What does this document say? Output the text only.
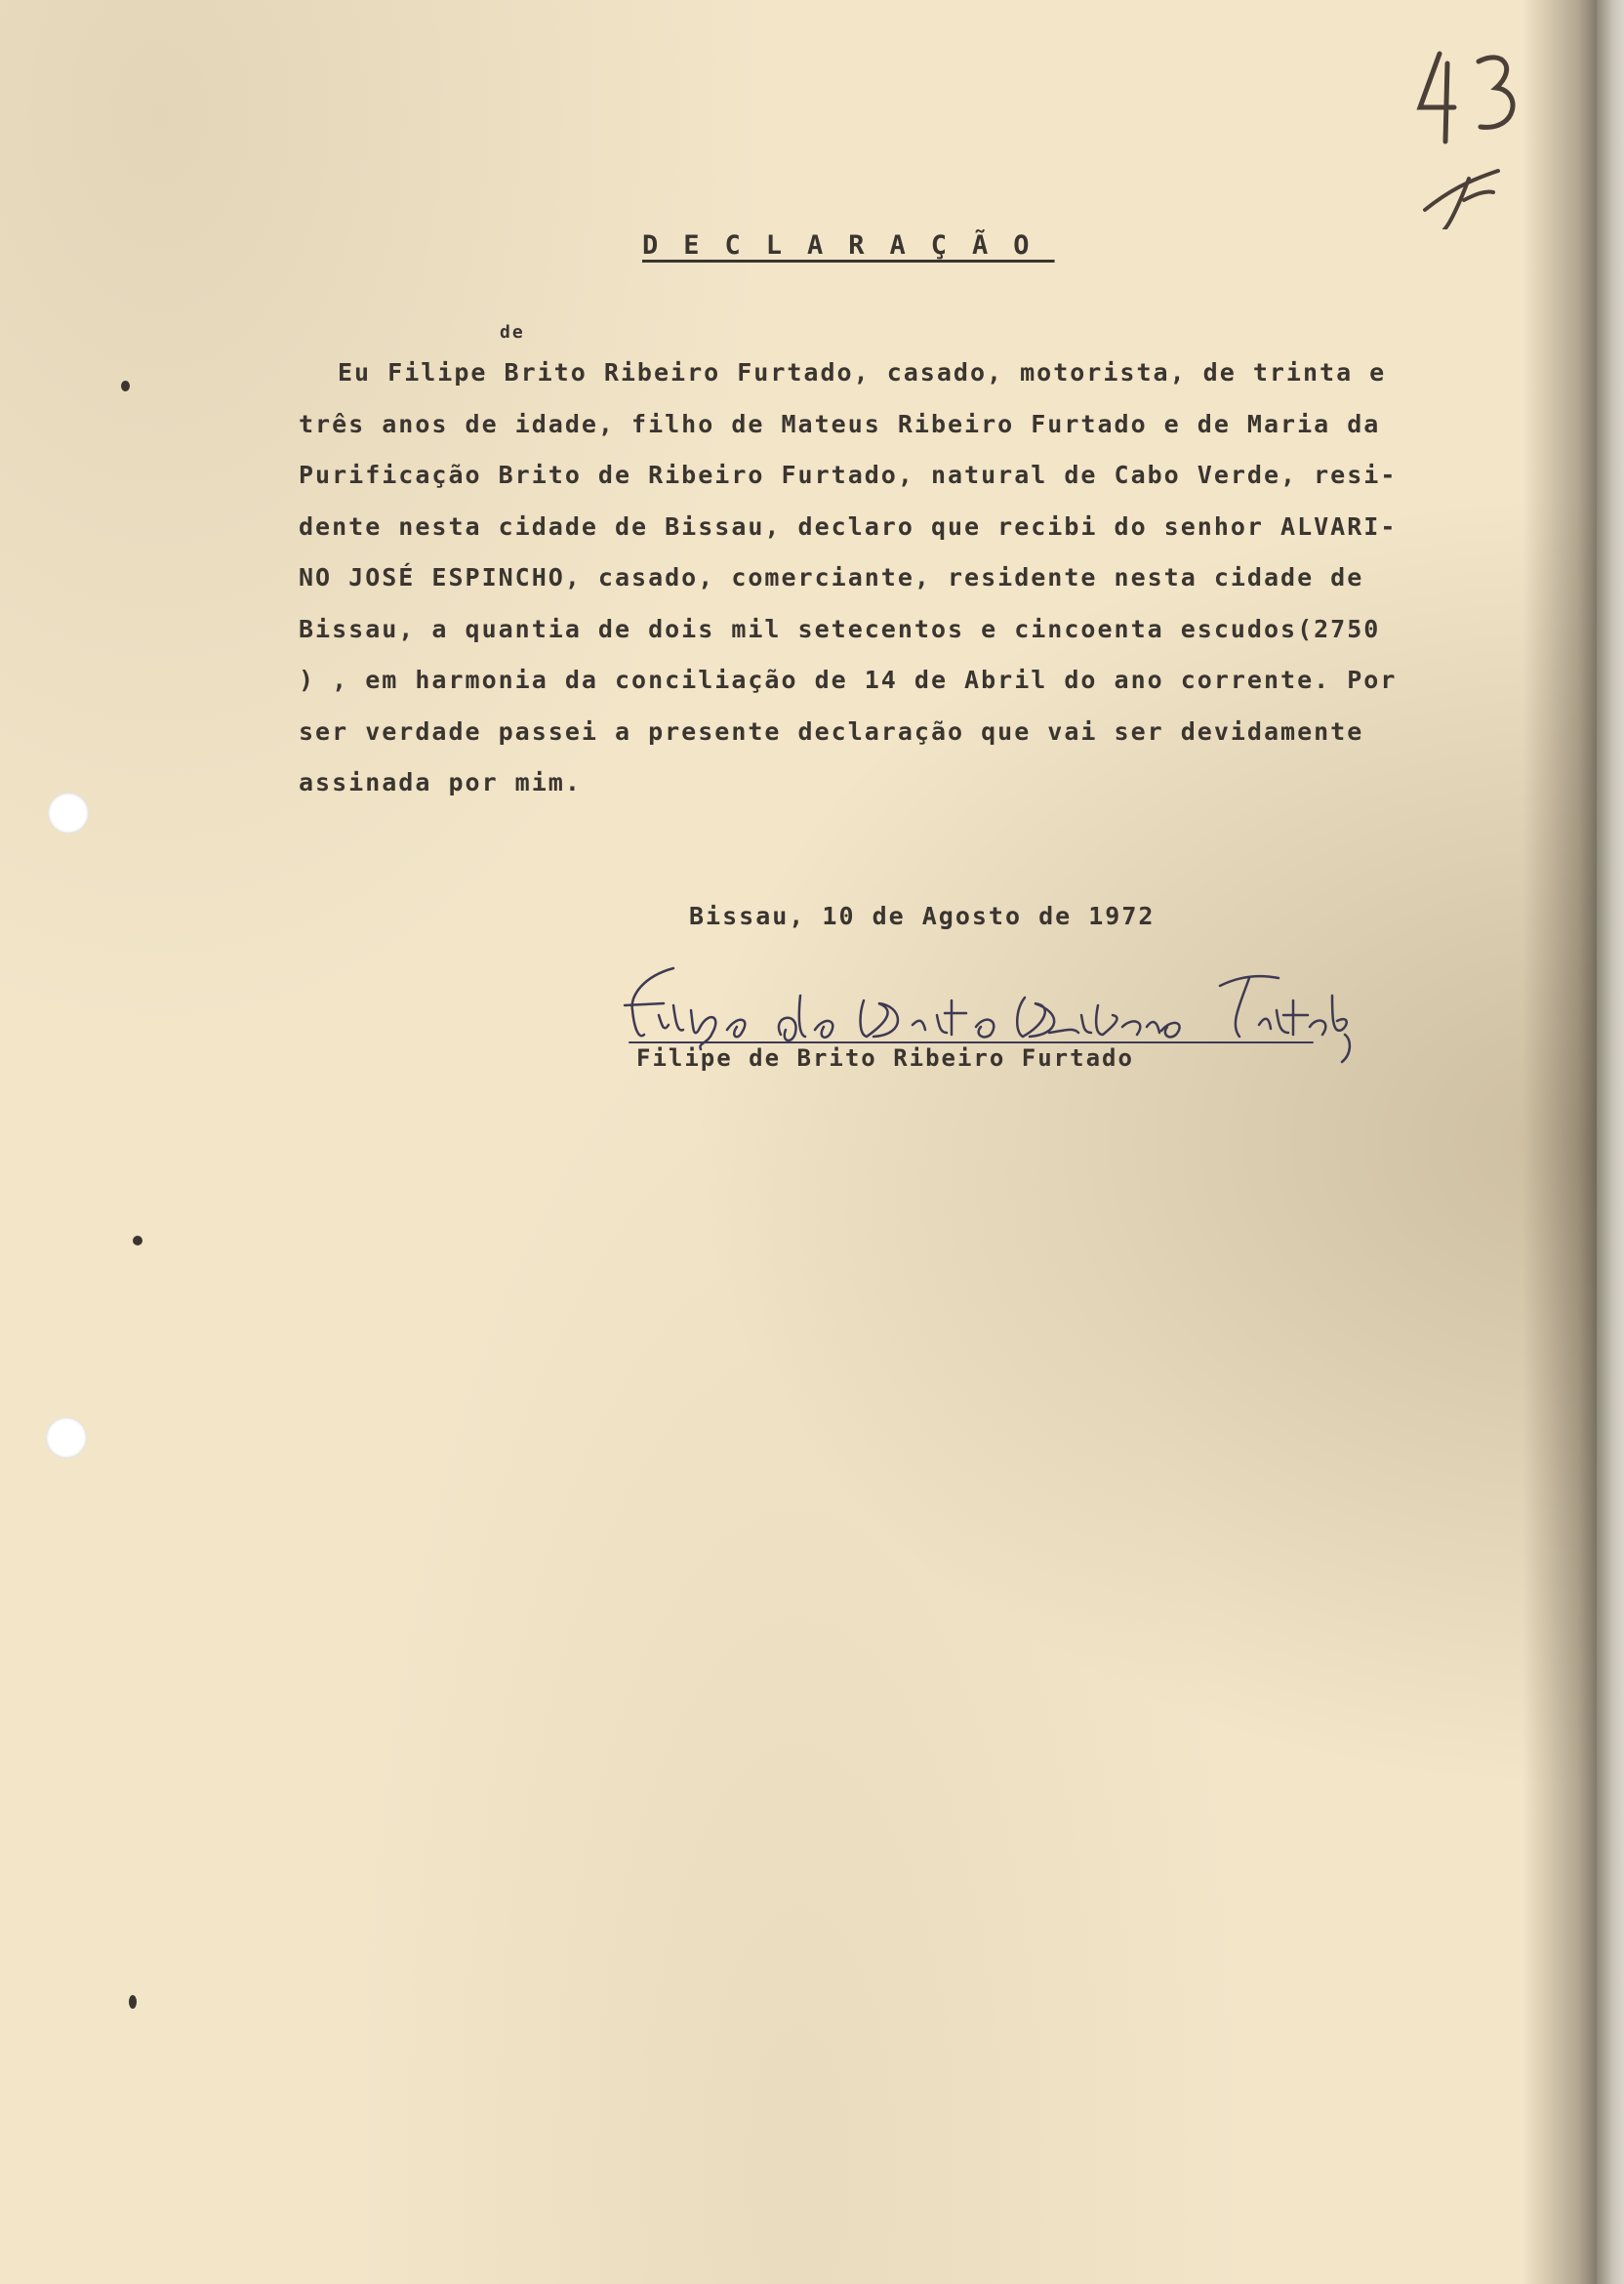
DECLARAÇÃO
de
Eu Filipe Brito Ribeiro Furtado, casado, motorista, de trinta e
três anos de idade, filho de Mateus Ribeiro Furtado e de Maria da
Purificação Brito de Ribeiro Furtado, natural de Cabo Verde, resi-
dente nesta cidade de Bissau, declaro que recibi do senhor ALVARI-
NO JOSÉ ESPINCHO, casado, comerciante, residente nesta cidade de
Bissau, a quantia de dois mil setecentos e cincoenta escudos(2750
) , em harmonia da conciliação de 14 de Abril do ano corrente. Por
ser verdade passei a presente declaração que vai ser devidamente
assinada por mim.
Bissau, 10 de Agosto de 1972
Filipe de Brito Ribeiro Furtado
